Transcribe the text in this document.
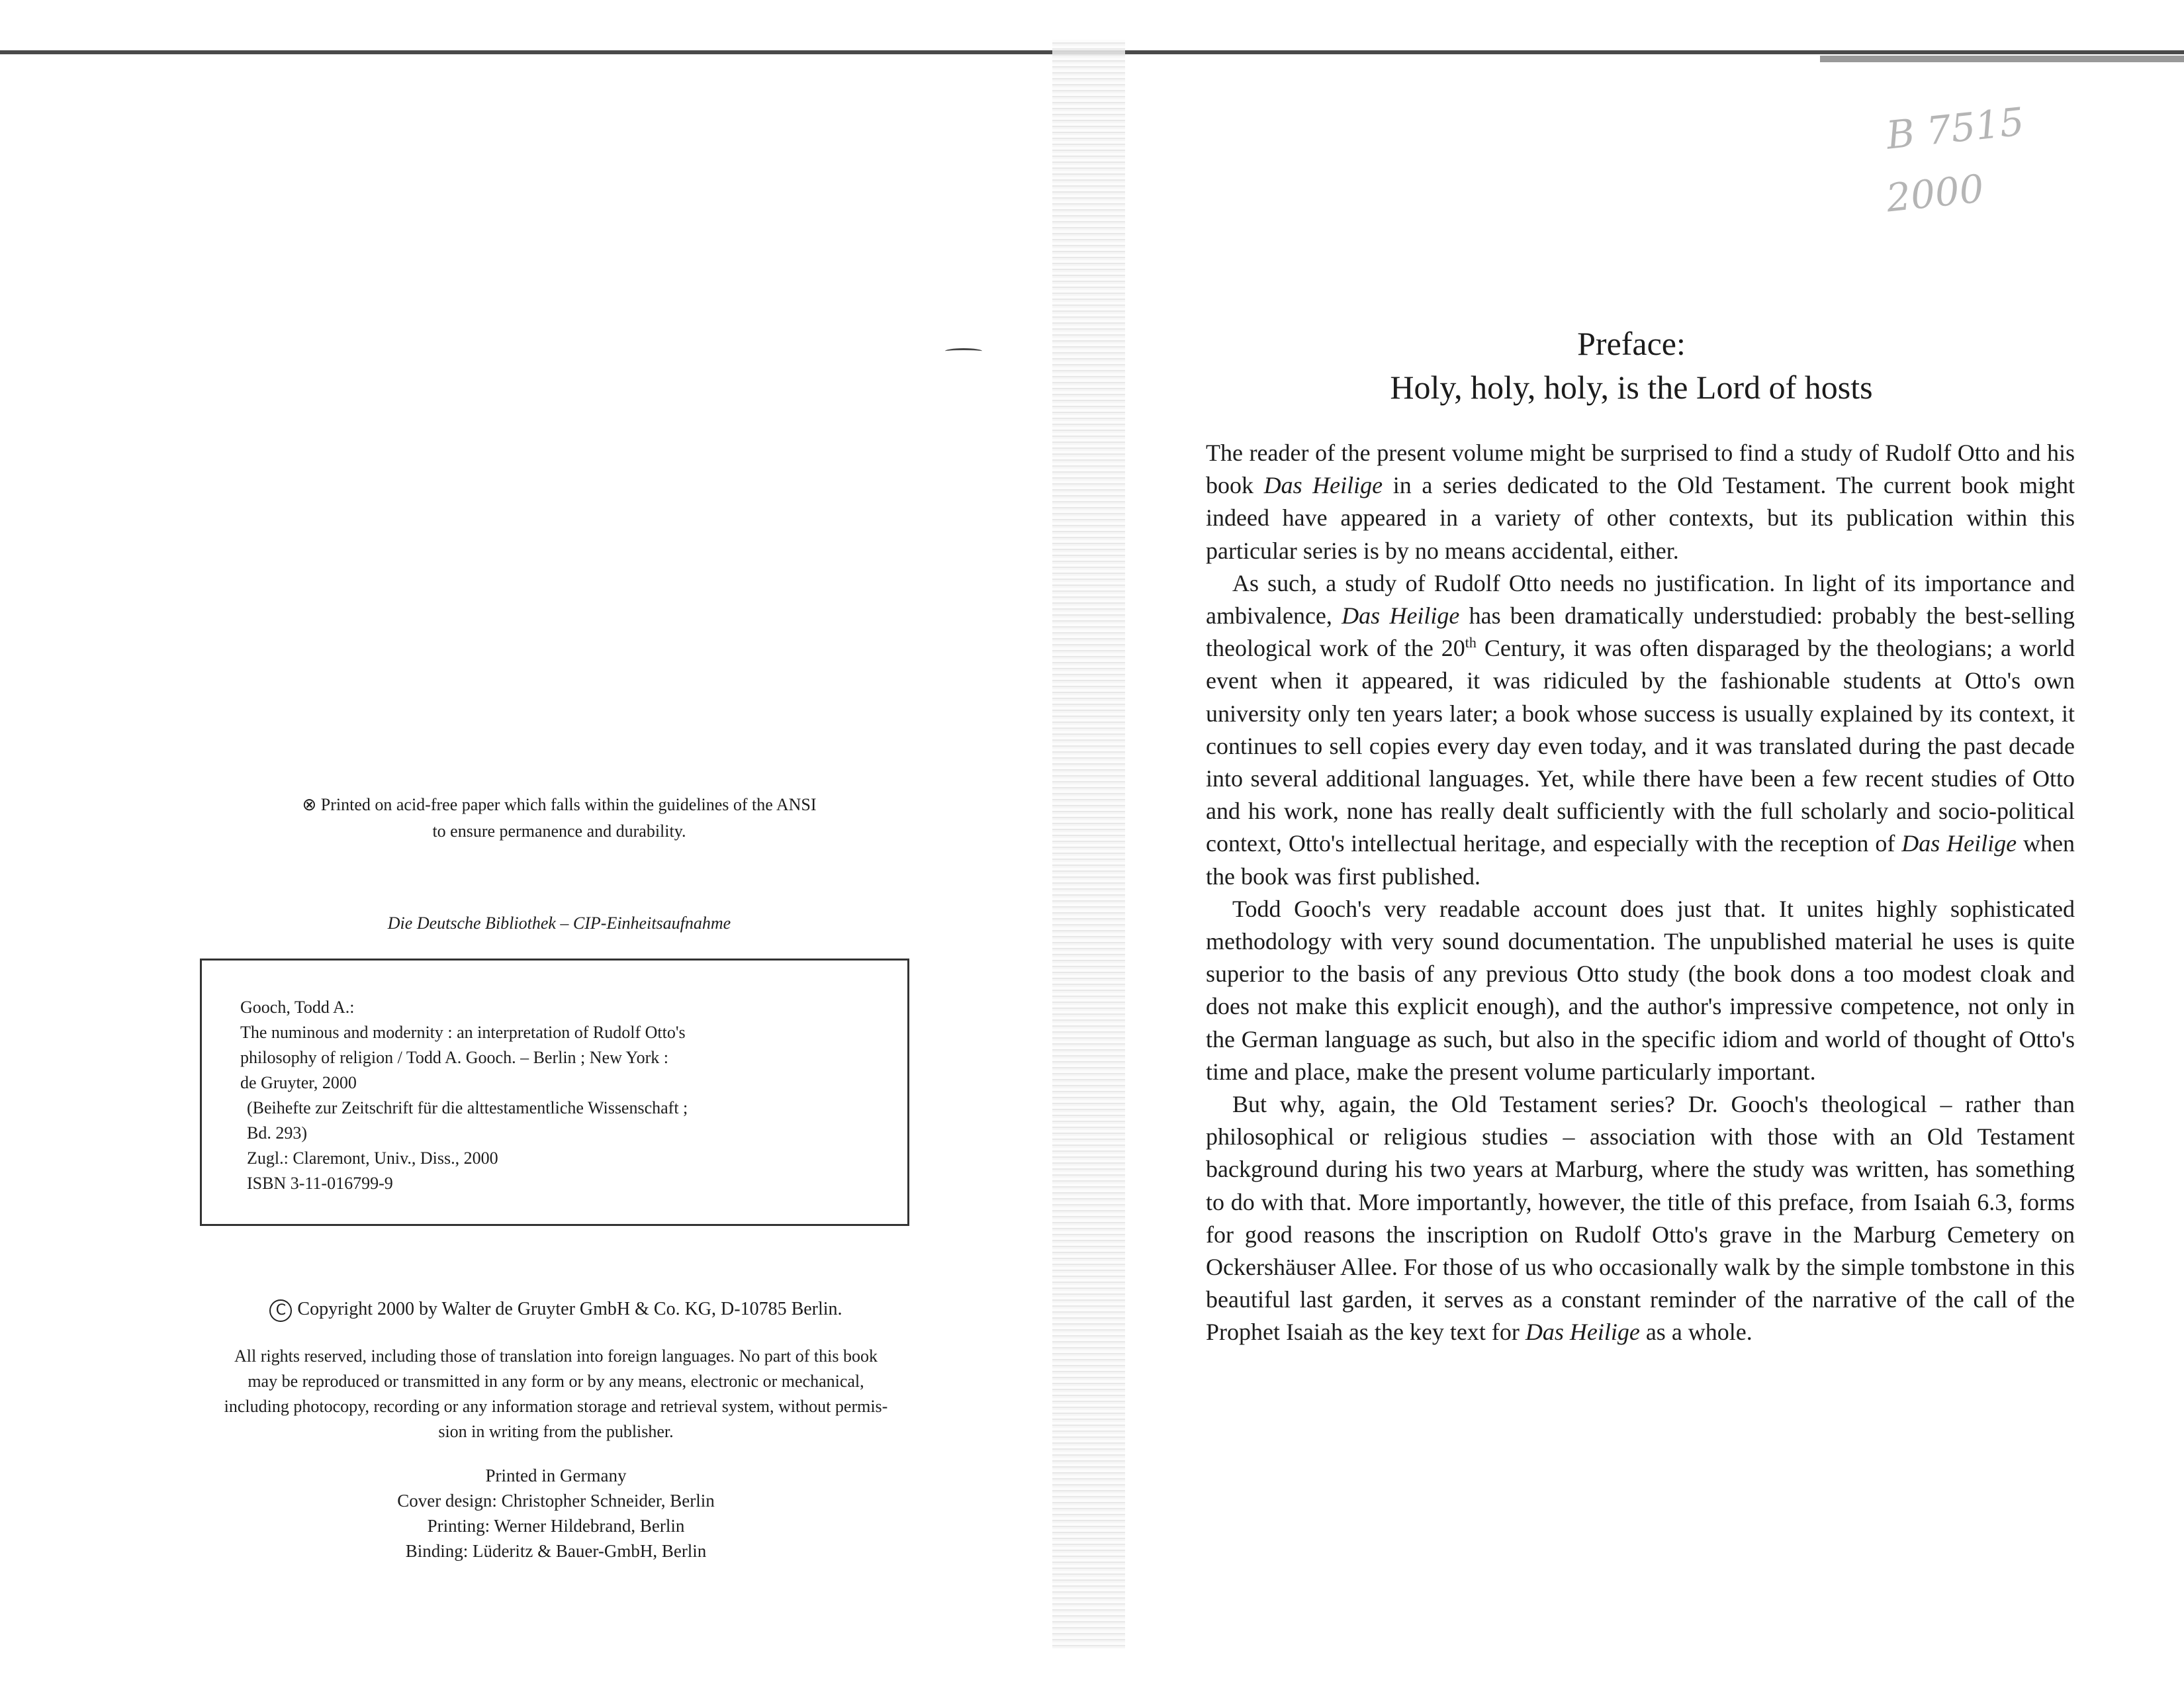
⊗ Printed on acid-free paper which falls within the guidelines of the ANSI
to ensure permanence and durability.
Die Deutsche Bibliothek – CIP-Einheitsaufnahme
Gooch, Todd A.:
The numinous and modernity : an interpretation of Rudolf Otto's
philosophy of religion / Todd A. Gooch. – Berlin ; New York :
de Gruyter, 2000
(Beihefte zur Zeitschrift für die alttestamentliche Wissenschaft ;
Bd. 293)
Zugl.: Claremont, Univ., Diss., 2000
ISBN 3-11-016799-9
C Copyright 2000 by Walter de Gruyter GmbH & Co. KG, D-10785 Berlin.
All rights reserved, including those of translation into foreign languages. No part of this book
may be reproduced or transmitted in any form or by any means, electronic or mechanical,
including photocopy, recording or any information storage and retrieval system, without permis-
sion in writing from the publisher.
Printed in Germany
Cover design: Christopher Schneider, Berlin
Printing: Werner Hildebrand, Berlin
Binding: Lüderitz & Bauer-GmbH, Berlin
B 7515
2000
Preface:
Holy, holy, holy, is the Lord of hosts

The reader of the present volume might be surprised to find a study of Rudolf Otto and his book Das Heilige in a series dedicated to the Old Testament. The current book might indeed have appeared in a variety of other contexts, but its publication within this particular series is by no means accidental, either.

As such, a study of Rudolf Otto needs no justification. In light of its importance and ambivalence, Das Heilige has been dramatically understudied: probably the best-selling theological work of the 20th Century, it was often disparaged by the theologians; a world event when it appeared, it was ridiculed by the fashionable students at Otto's own university only ten years later; a book whose success is usually explained by its context, it continues to sell copies every day even today, and it was translated during the past decade into several additional languages. Yet, while there have been a few recent studies of Otto and his work, none has really dealt sufficiently with the full scholarly and socio-political context, Otto's intellectual heritage, and especially with the reception of Das Heilige when the book was first published.

Todd Gooch's very readable account does just that. It unites highly sophisticated methodology with very sound documentation. The unpublished material he uses is quite superior to the basis of any previous Otto study (the book dons a too modest cloak and does not make this explicit enough), and the author's impressive competence, not only in the German language as such, but also in the specific idiom and world of thought of Otto's time and place, make the present volume particularly important.

But why, again, the Old Testament series? Dr. Gooch's theological – rather than philosophical or religious studies – association with those with an Old Testament background during his two years at Marburg, where the study was written, has something to do with that. More importantly, however, the title of this preface, from Isaiah 6.3, forms for good reasons the inscription on Rudolf Otto's grave in the Marburg Cemetery on Ockershäuser Allee. For those of us who occasionally walk by the simple tombstone in this beautiful last garden, it serves as a constant reminder of the narrative of the call of the Prophet Isaiah as the key text for Das Heilige as a whole.
